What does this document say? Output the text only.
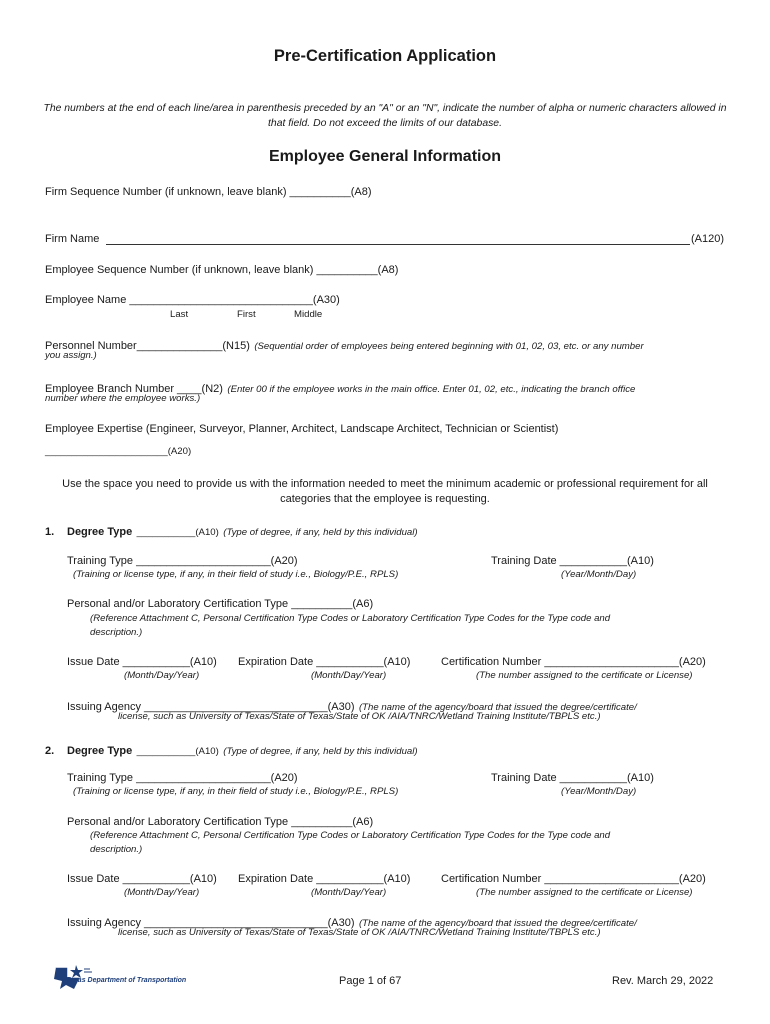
Pre-Certification Application
The numbers at the end of each line/area in parenthesis preceded by an "A" or an "N", indicate the number of alpha or numeric characters allowed in that field. Do not exceed the limits of our database.
Employee General Information
Firm Sequence Number (if unknown, leave blank) __________(A8)
Firm Name	(A120)
Employee Sequence Number (if unknown, leave blank) __________(A8)
Employee Name ______________________________(A30)
Last	First	Middle
Personnel Number______________(N15) (Sequential order of employees being entered beginning with 01, 02, 03, etc. or any number
you assign.)
Employee Branch Number ____(N2) (Enter 00 if the employee works in the main office. Enter 01, 02, etc., indicating the branch office
number where the employee works.)
Employee Expertise (Engineer, Surveyor, Planner, Architect, Landscape Architect, Technician or Scientist)
_______________________(A20)
Use the space you need to provide us with the information needed to meet the minimum academic or professional requirement for all categories that the employee is requesting.
1. Degree Type ___________(A10) (Type of degree, if any, held by this individual)
Training Type ______________________(A20)
(Training or license type, if any, in their field of study i.e., Biology/P.E., RPLS)
Training Date ___________(A10)
(Year/Month/Day)
Personal and/or Laboratory Certification Type __________(A6)
(Reference Attachment C, Personal Certification Type Codes or Laboratory Certification Type Codes for the Type code and
description.)
Issue Date ___________(A10)
(Month/Day/Year)
Expiration Date ___________(A10)
(Month/Day/Year)
Certification Number ______________________(A20)
(The number assigned to the certificate or License)
Issuing Agency ______________________________(A30) (The name of the agency/board that issued the degree/certificate/
license, such as University of Texas/State of Texas/State of OK /AIA/TNRC/Wetland Training Institute/TBPLS etc.)
2. Degree Type ___________(A10) (Type of degree, if any, held by this individual)
Training Type ______________________(A20)
(Training or license type, if any, in their field of study i.e., Biology/P.E., RPLS)
Training Date ___________(A10)
(Year/Month/Day)
Personal and/or Laboratory Certification Type __________(A6)
(Reference Attachment C, Personal Certification Type Codes or Laboratory Certification Type Codes for the Type code and
description.)
Issue Date ___________(A10)
(Month/Day/Year)
Expiration Date ___________(A10)
(Month/Day/Year)
Certification Number ______________________(A20)
(The number assigned to the certificate or License)
Issuing Agency ______________________________(A30) (The name of the agency/board that issued the degree/certificate/
license, such as University of Texas/State of Texas/State of OK /AIA/TNRC/Wetland Training Institute/TBPLS etc.)
Texas Department of Transportation	Page 1 of 67	Rev. March 29, 2022
